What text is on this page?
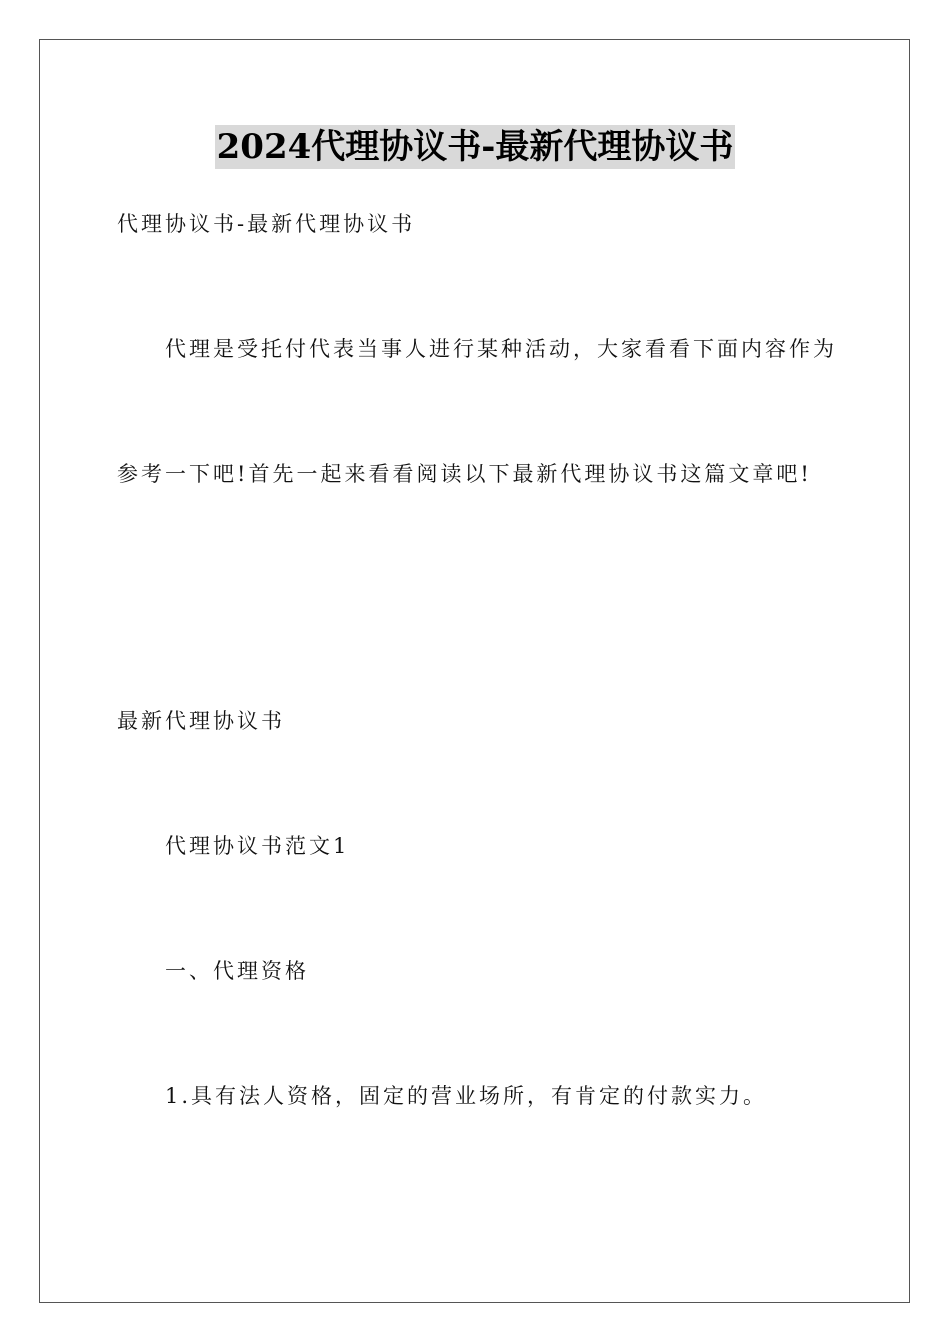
2024代理协议书-最新代理协议书
代理协议书-最新代理协议书
代理是受托付代表当事人进行某种活动，大家看看下面内容作为
参考一下吧!首先一起来看看阅读以下最新代理协议书这篇文章吧!
最新代理协议书
代理协议书范文1
一、代理资格
1.具有法人资格，固定的营业场所，有肯定的付款实力。
